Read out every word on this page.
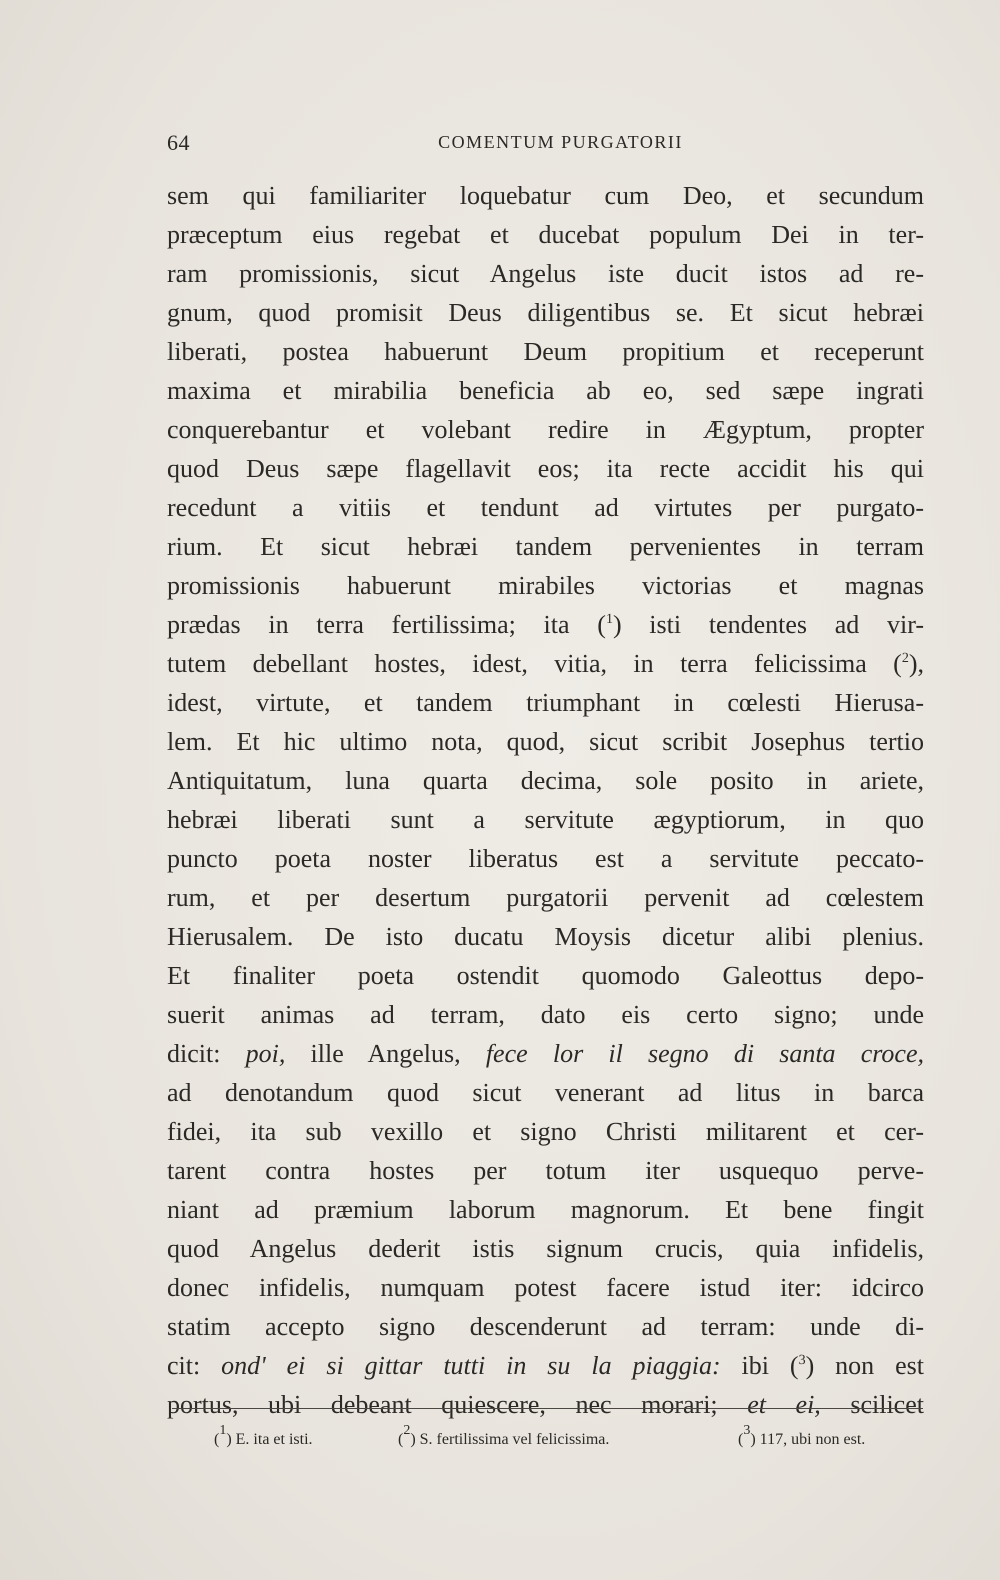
64	COMENTUM PURGATORII
sem qui familiariter loquebatur cum Deo, et secundum
præceptum eius regebat et ducebat populum Dei in ter-
ram promissionis, sicut Angelus iste ducit istos ad re-
gnum, quod promisit Deus diligentibus se. Et sicut hebræi
liberati, postea habuerunt Deum propitium et receperunt
maxima et mirabilia beneficia ab eo, sed sæpe ingrati
conquerebantur et volebant redire in Ægyptum, propter
quod Deus sæpe flagellavit eos; ita recte accidit his qui
recedunt a vitiis et tendunt ad virtutes per purgato-
rium. Et sicut hebræi tandem pervenientes in terram
promissionis habuerunt mirabiles victorias et magnas
prædas in terra fertilissima; ita ($^1$) isti tendentes ad vir-
tutem debellant hostes, idest, vitia, in terra felicissima ($^2$),
idest, virtute, et tandem triumphant in cœlesti Hierusa-
lem. Et hic ultimo nota, quod, sicut scribit Josephus tertio
Antiquitatum, luna quarta decima, sole posito in ariete,
hebræi liberati sunt a servitute ægyptiorum, in quo
puncto poeta noster liberatus est a servitute peccato-
rum, et per desertum purgatorii pervenit ad cœlestem
Hierusalem. De isto ducatu Moysis dicetur alibi plenius.
Et finaliter poeta ostendit quomodo Galeottus depo-
suerit animas ad terram, dato eis certo signo; unde
dicit: poi, ille Angelus, fece lor il segno di santa croce,
ad denotandum quod sicut venerant ad litus in barca
fidei, ita sub vexillo et signo Christi militarent et cer-
tarent contra hostes per totum iter usquequo perve-
niant ad præmium laborum magnorum. Et bene fingit
quod Angelus dederit istis signum crucis, quia infidelis,
donec infidelis, numquam potest facere istud iter: idcirco
statim accepto signo descenderunt ad terram: unde di-
cit: ond' ei si gittar tutti in su la piaggia: ibi ($^3$) non est
portus, ubi debeant quiescere, nec morari; et ei, scilicet
($^1$) E. ita et isti.	($^2$) S. fertilissima vel felicissima.	($^3$) 117, ubi non est.
